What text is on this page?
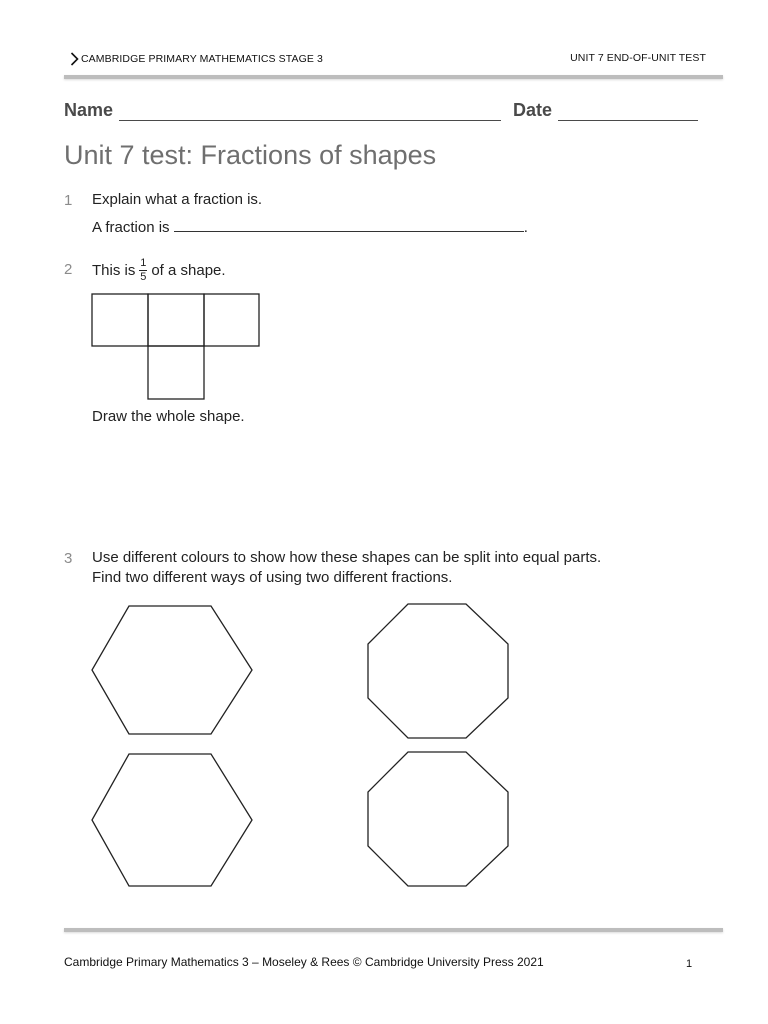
CAMBRIDGE PRIMARY MATHEMATICS STAGE 3	UNIT 7 END-OF-UNIT TEST
Name	Date
Unit 7 test: Fractions of shapes
1 Explain what a fraction is.
A fraction is	.
2 This is $\frac{1}{5}$ of a shape.
Draw the whole shape.
3 Use different colours to show how these shapes can be split into equal parts.
Find two different ways of using two different fractions.
Cambridge Primary Mathematics 3 – Moseley & Rees © Cambridge University Press 2021	1
